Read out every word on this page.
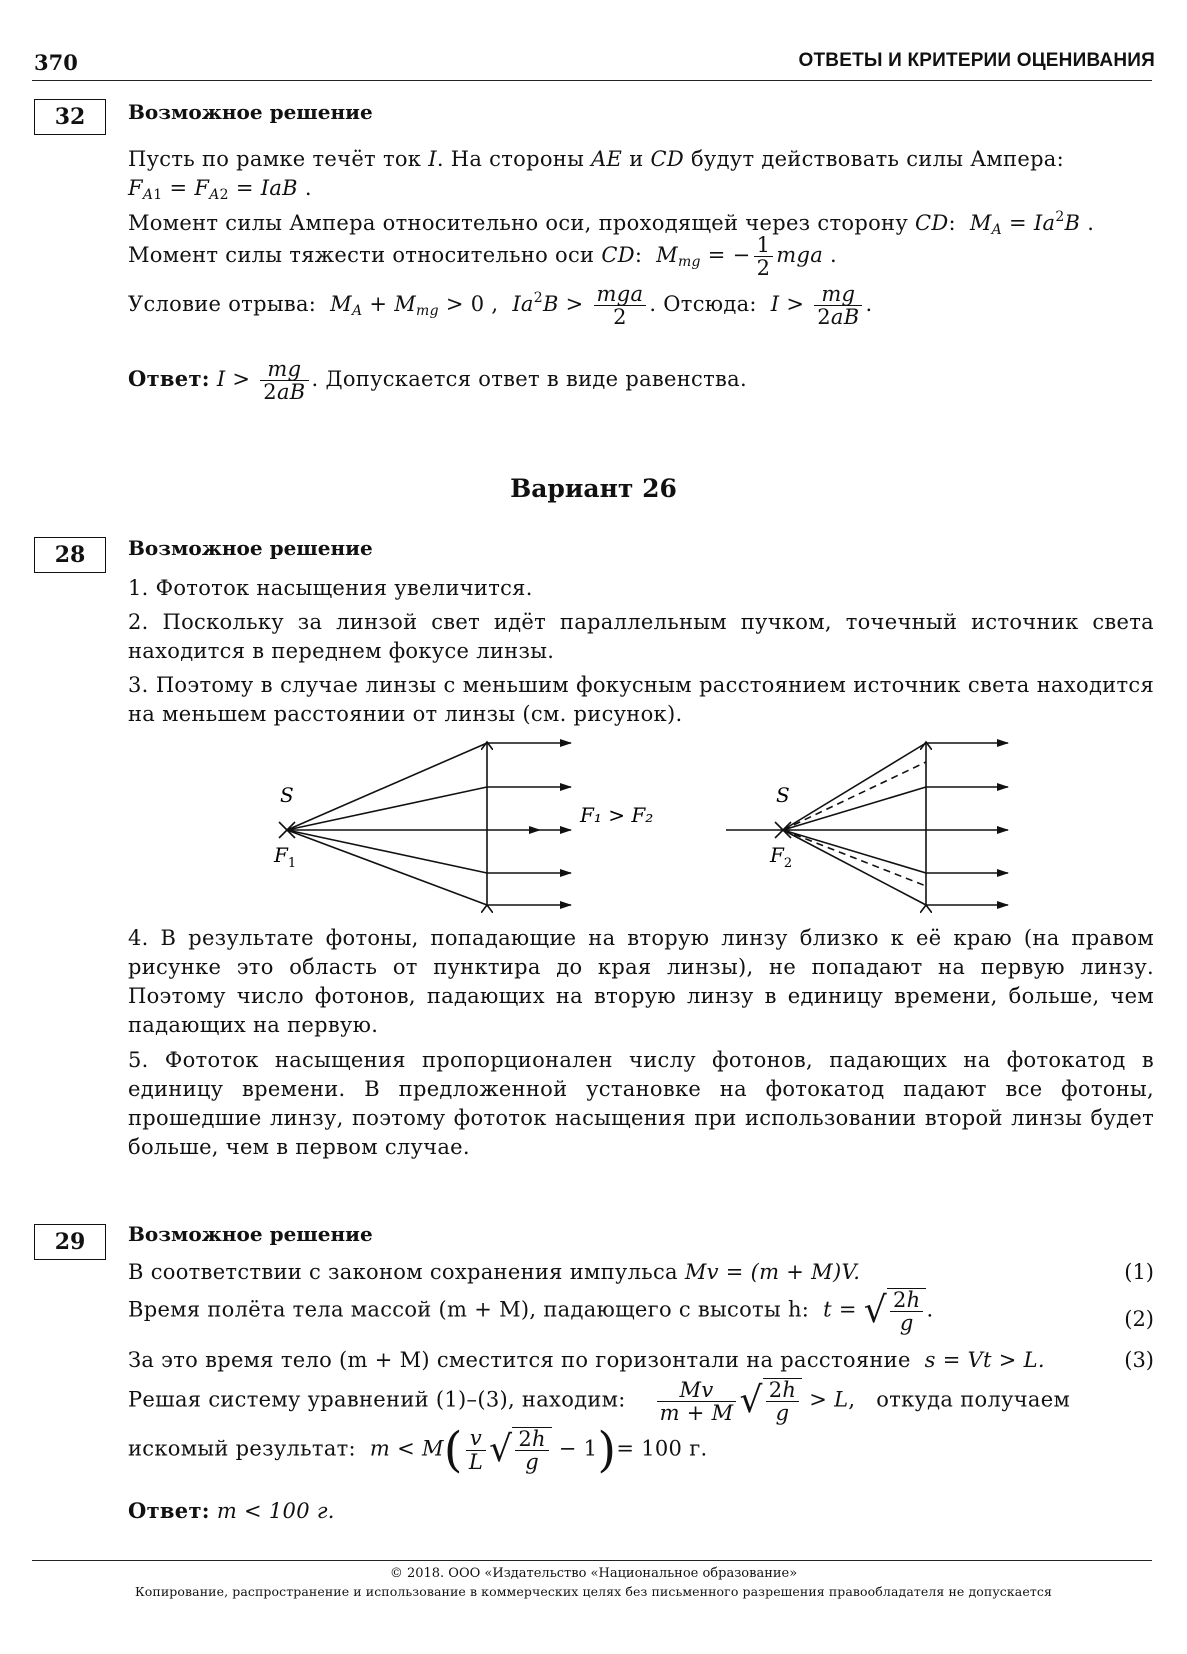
370	ОТВЕТЫ И КРИТЕРИИ ОЦЕНИВАНИЯ
32	Возможное решение
Пусть по рамке течёт ток I. На стороны AE и CD будут действовать силы Ампера:
$F_{A1} = F_{A2}$ = IaB .
Момент силы Ампера относительно оси, проходящей через сторону CD:  $M_A = Ia^2B$ .
Момент силы тяжести относительно оси CD:  $M_{mg}$ = − $\frac{1}{2}$ mga .
Условие отрыва: $M_A + M_{mg} > 0$ ,  $Ia^2B > \frac{\text{mga}}{2}$ . Отсюда: $I > \frac{mg}{2aB}$ .
Ответ: $I > \frac{mg}{2aB}$ . Допускается ответ в виде равенства.
Вариант 26
28	Возможное решение
1. Фототок насыщения увеличится.
2. Поскольку за линзой свет идёт параллельным пучком, точечный источник света находится в переднем фокусе линзы.
3. Поэтому в случае линзы с меньшим фокусным расстоянием источник света находится на меньшем расстоянии от линзы (см. рисунок).
S
$F_1$
F₁ > F₂
S
$F_2$
4. В результате фотоны, попадающие на вторую линзу близко к её краю (на правом рисунке это область от пунктира до края линзы), не попадают на первую линзу. Поэтому число фотонов, падающих на вторую линзу в единицу времени, больше, чем падающих на первую.
5. Фототок насыщения пропорционален числу фотонов, падающих на фотокатод в единицу времени. В предложенной установке на фотокатод падают все фотоны, прошедшие линзу, поэтому фототок насыщения при использовании второй линзы будет больше, чем в первом случае.
29	Возможное решение
В соответствии с законом сохранения импульса Mv = (m + M)V.	(1)
Время полёта тела массой (m + M), падающего с высоты h: t = √ $\frac{2h}{g}$ .	(2)
За это время тело (m + M) сместится по горизонтали на расстояние s = Vt > L.	(3)
Решая систему уравнений (1)–(3), находим: $\frac{Mv}{m + M}$ √ $\frac{2h}{g} > L$,   откуда получаем
искомый результат: $m < M( \frac{v}{L}$ √ $\frac{2h}{g} - 1)= 100$ г.
Ответ: m < 100 г.
© 2018. ООО «Издательство «Национальное образование»
Копирование, распространение и использование в коммерческих целях без письменного разрешения правообладателя не допускается
